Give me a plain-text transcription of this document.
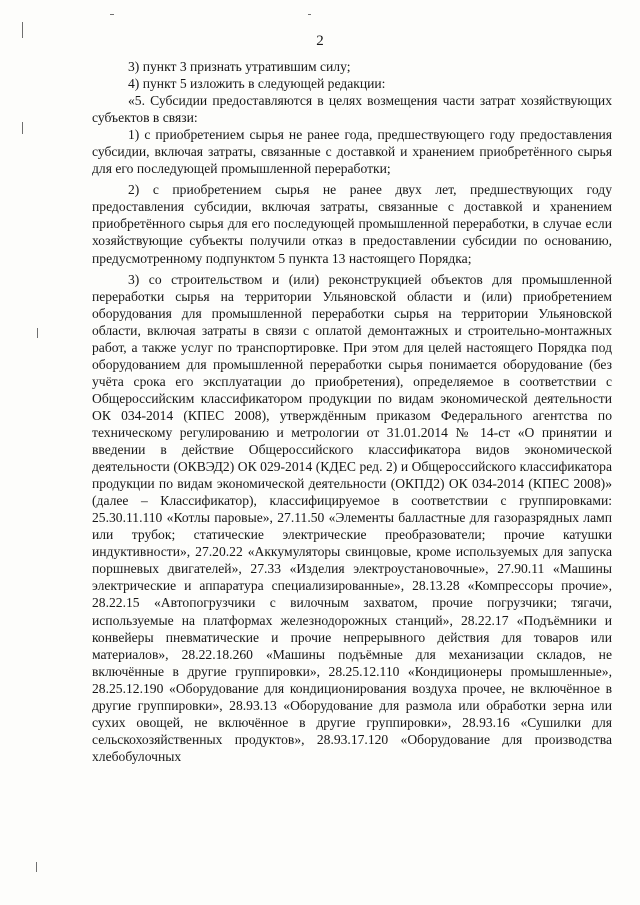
2

3) пункт 3 признать утратившим силу;

4) пункт 5 изложить в следующей редакции:

«5. Субсидии предоставляются в целях возмещения части затрат хозяйствующих субъектов в связи:

1) с приобретением сырья не ранее года, предшествующего году предоставления субсидии, включая затраты, связанные с доставкой и хранением приобретённого сырья для его последующей промышленной переработки;

2) с приобретением сырья не ранее двух лет, предшествующих году предоставления субсидии, включая затраты, связанные с доставкой и хранением приобретённого сырья для его последующей промышленной переработки, в случае если хозяйствующие субъекты получили отказ в предоставлении субсидии по основанию, предусмотренному подпунктом 5 пункта 13 настоящего Порядка;

3) со строительством и (или) реконструкцией объектов для промышленной переработки сырья на территории Ульяновской области и (или) приобретением оборудования для промышленной переработки сырья на территории Ульяновской области, включая затраты в связи с оплатой демонтажных и строительно-монтажных работ, а также услуг по транспортировке. При этом для целей настоящего Порядка под оборудованием для промышленной переработки сырья понимается оборудование (без учёта срока его эксплуатации до приобретения), определяемое в соответствии с Общероссийским классификатором продукции по видам экономической деятельности ОК 034-2014 (КПЕС 2008), утверждённым приказом Федерального агентства по техническому регулированию и метрологии от 31.01.2014 № 14-ст «О принятии и введении в действие Общероссийского классификатора видов экономической деятельности (ОКВЭД2) ОК 029-2014 (КДЕС ред. 2) и Общероссийского классификатора продукции по видам экономической деятельности (ОКПД2) ОК 034-2014 (КПЕС 2008)» (далее – Классификатор), классифицируемое в соответствии с группировками: 25.30.11.110 «Котлы паровые», 27.11.50 «Элементы балластные для газоразрядных ламп или трубок; статические электрические преобразователи; прочие катушки индуктивности», 27.20.22 «Аккумуляторы свинцовые, кроме используемых для запуска поршневых двигателей», 27.33 «Изделия электроустановочные», 27.90.11 «Машины электрические и аппаратура специализированные», 28.13.28 «Компрессоры прочие», 28.22.15 «Автопогрузчики с вилочным захватом, прочие погрузчики; тягачи, используемые на платформах железнодорожных станций», 28.22.17 «Подъёмники и конвейеры пневматические и прочие непрерывного действия для товаров или материалов», 28.22.18.260 «Машины подъёмные для механизации складов, не включённые в другие группировки», 28.25.12.110 «Кондиционеры промышленные», 28.25.12.190 «Оборудование для кондиционирования воздуха прочее, не включённое в другие группировки», 28.93.13 «Оборудование для размола или обработки зерна или сухих овощей, не включённое в другие группировки», 28.93.16 «Сушилки для сельскохозяйственных продуктов», 28.93.17.120 «Оборудование для производства хлебобулочных
